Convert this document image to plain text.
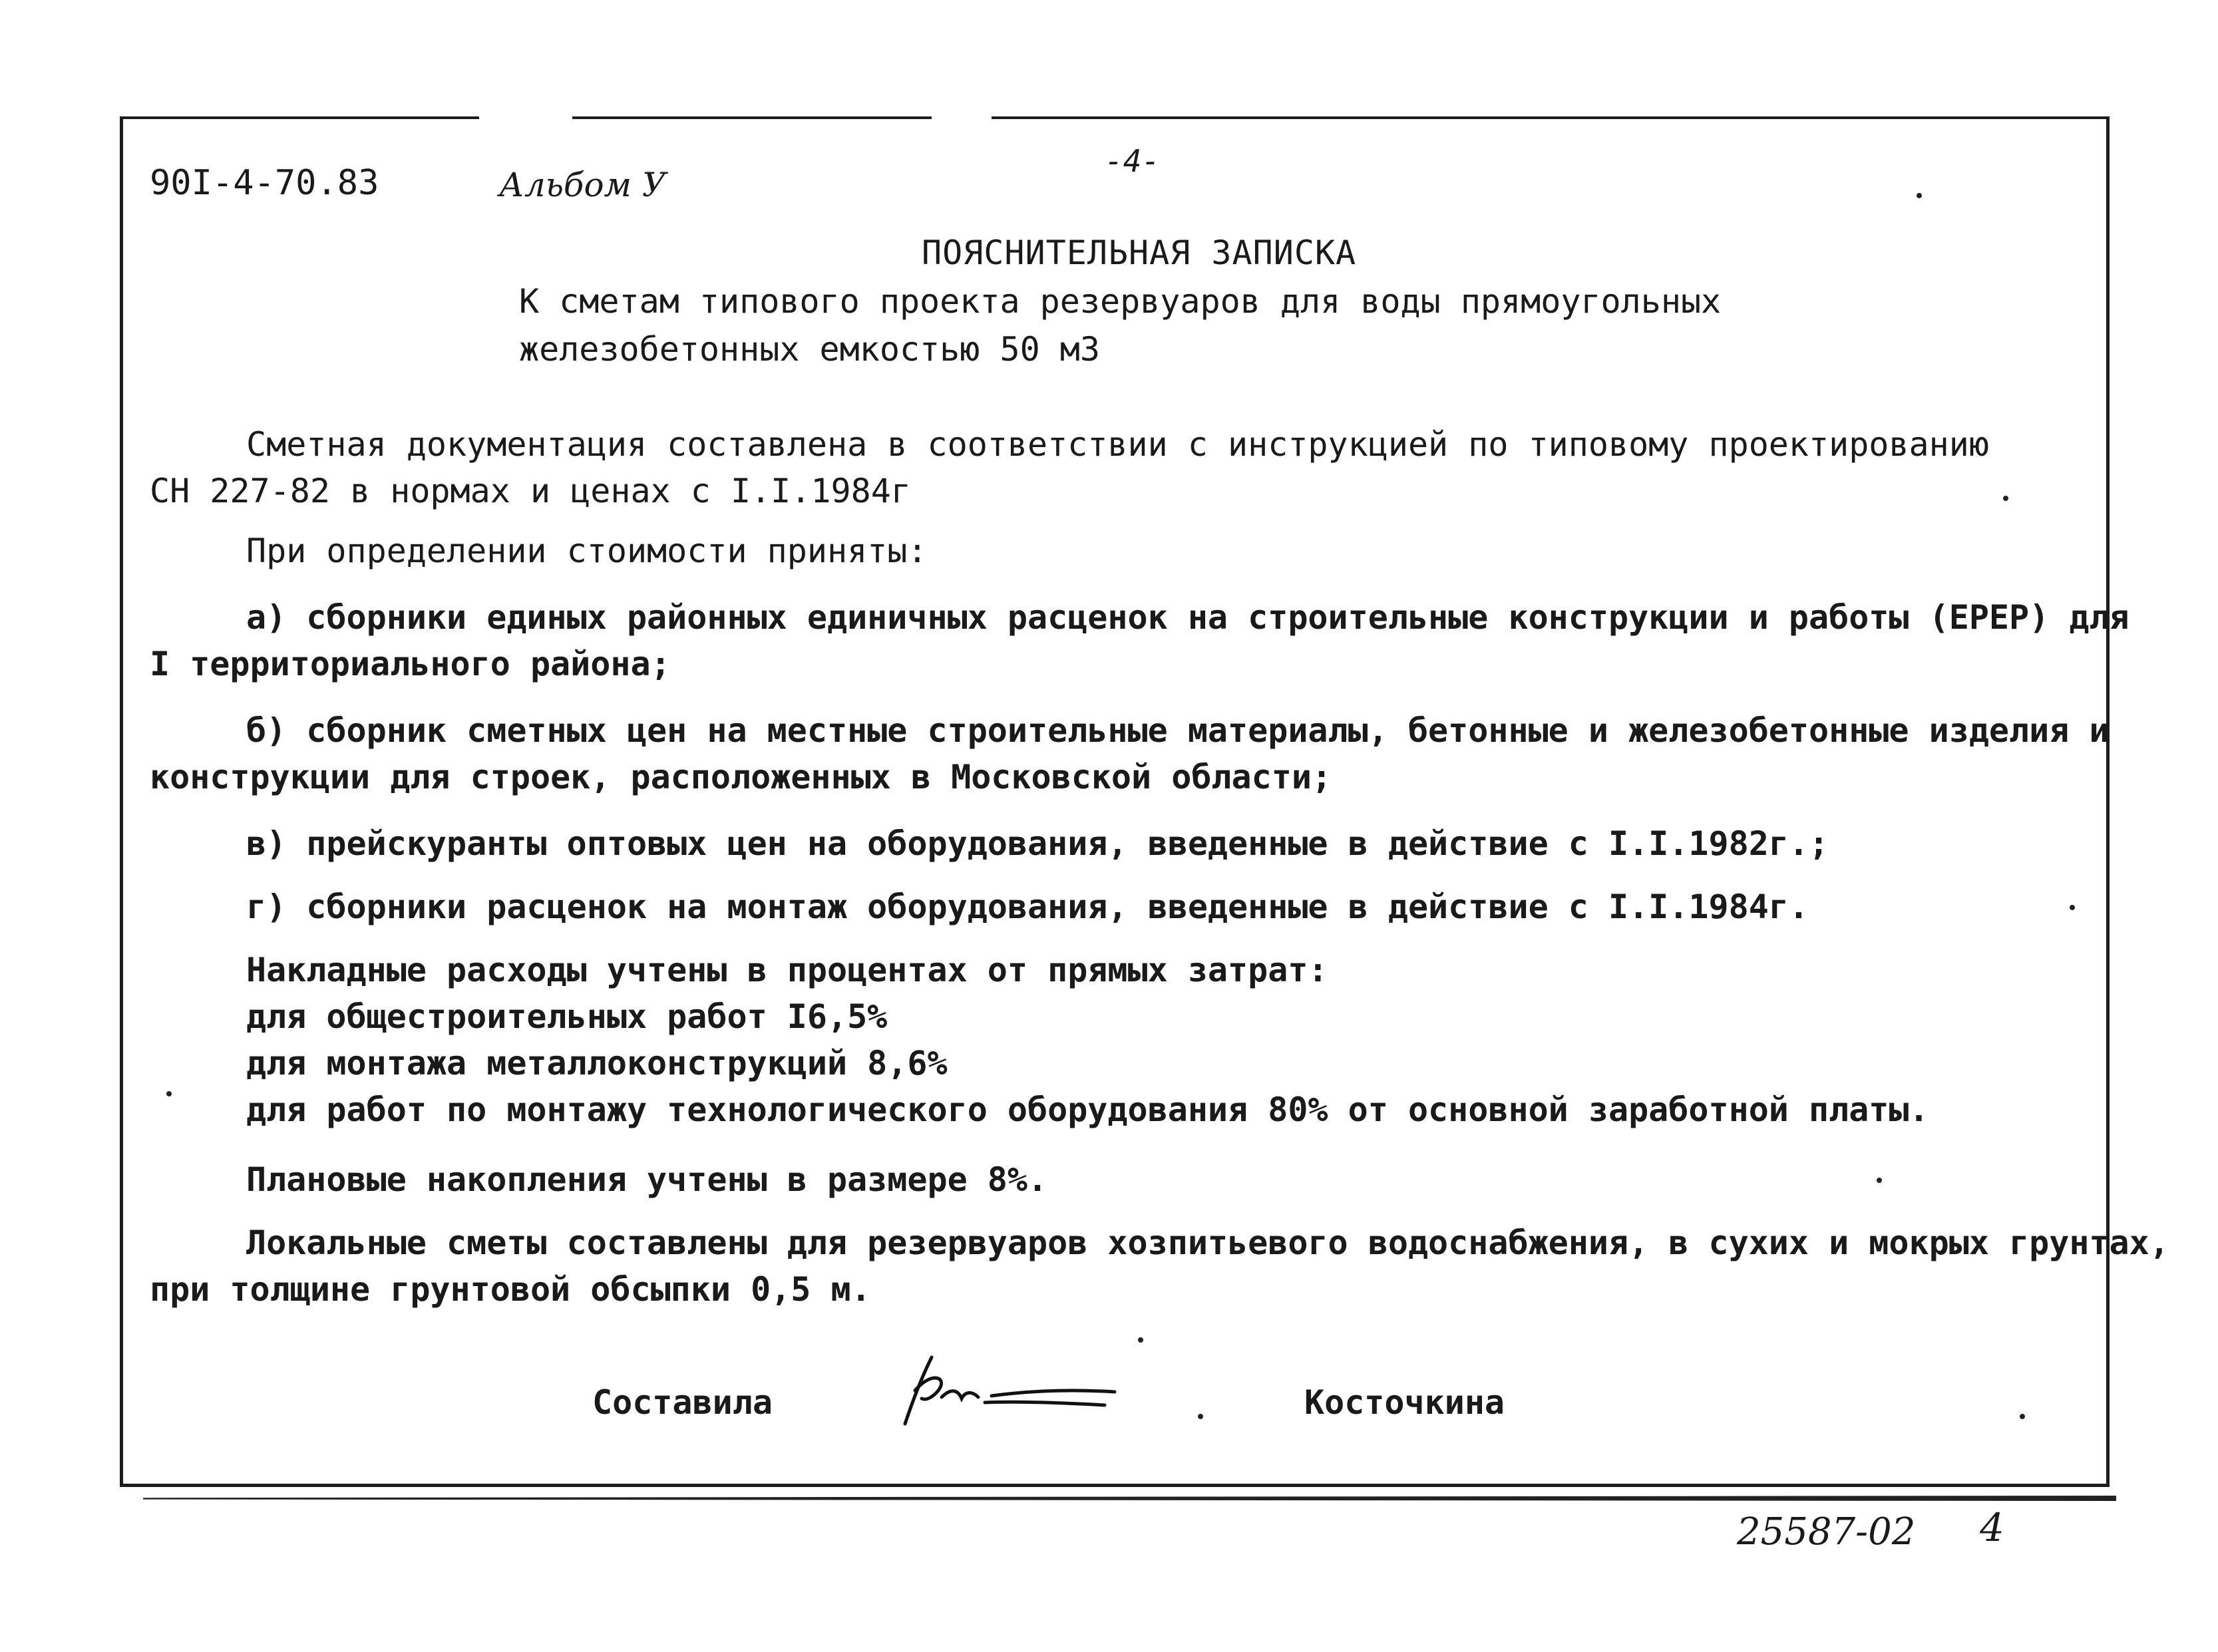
90I-4-70.83	Альбом У
-4-
ПОЯСНИТЕЛЬНАЯ ЗАПИСКА
К сметам типового проекта резервуаров для воды прямоугольных
железобетонных емкостью 50 м3
Сметная документация составлена в соответствии с инструкцией по типовому проектированию
СН 227-82 в нормах и ценах с I.I.1984г
При определении стоимости приняты:
а) сборники единых районных единичных расценок на строительные конструкции и работы (ЕРЕР) для
I территориального района;
б) сборник сметных цен на местные строительные материалы, бетонные и железобетонные изделия и
конструкции для строек, расположенных в Московской области;
в) прейскуранты оптовых цен на оборудования, введенные в действие с I.I.1982г.;
г) сборники расценок на монтаж оборудования, введенные в действие с I.I.1984г.
Накладные расходы учтены в процентах от прямых затрат:
для общестроительных работ I6,5%
для монтажа металлоконструкций 8,6%
для работ по монтажу технологического оборудования 80% от основной заработной платы.
Плановые накопления учтены в размере 8%.
Локальные сметы составлены для резервуаров хозпитьевого водоснабжения, в сухих и мокрых грунтах,
при толщине грунтовой обсыпки 0,5 м.
Составила	Косточкина
25587-02 4
